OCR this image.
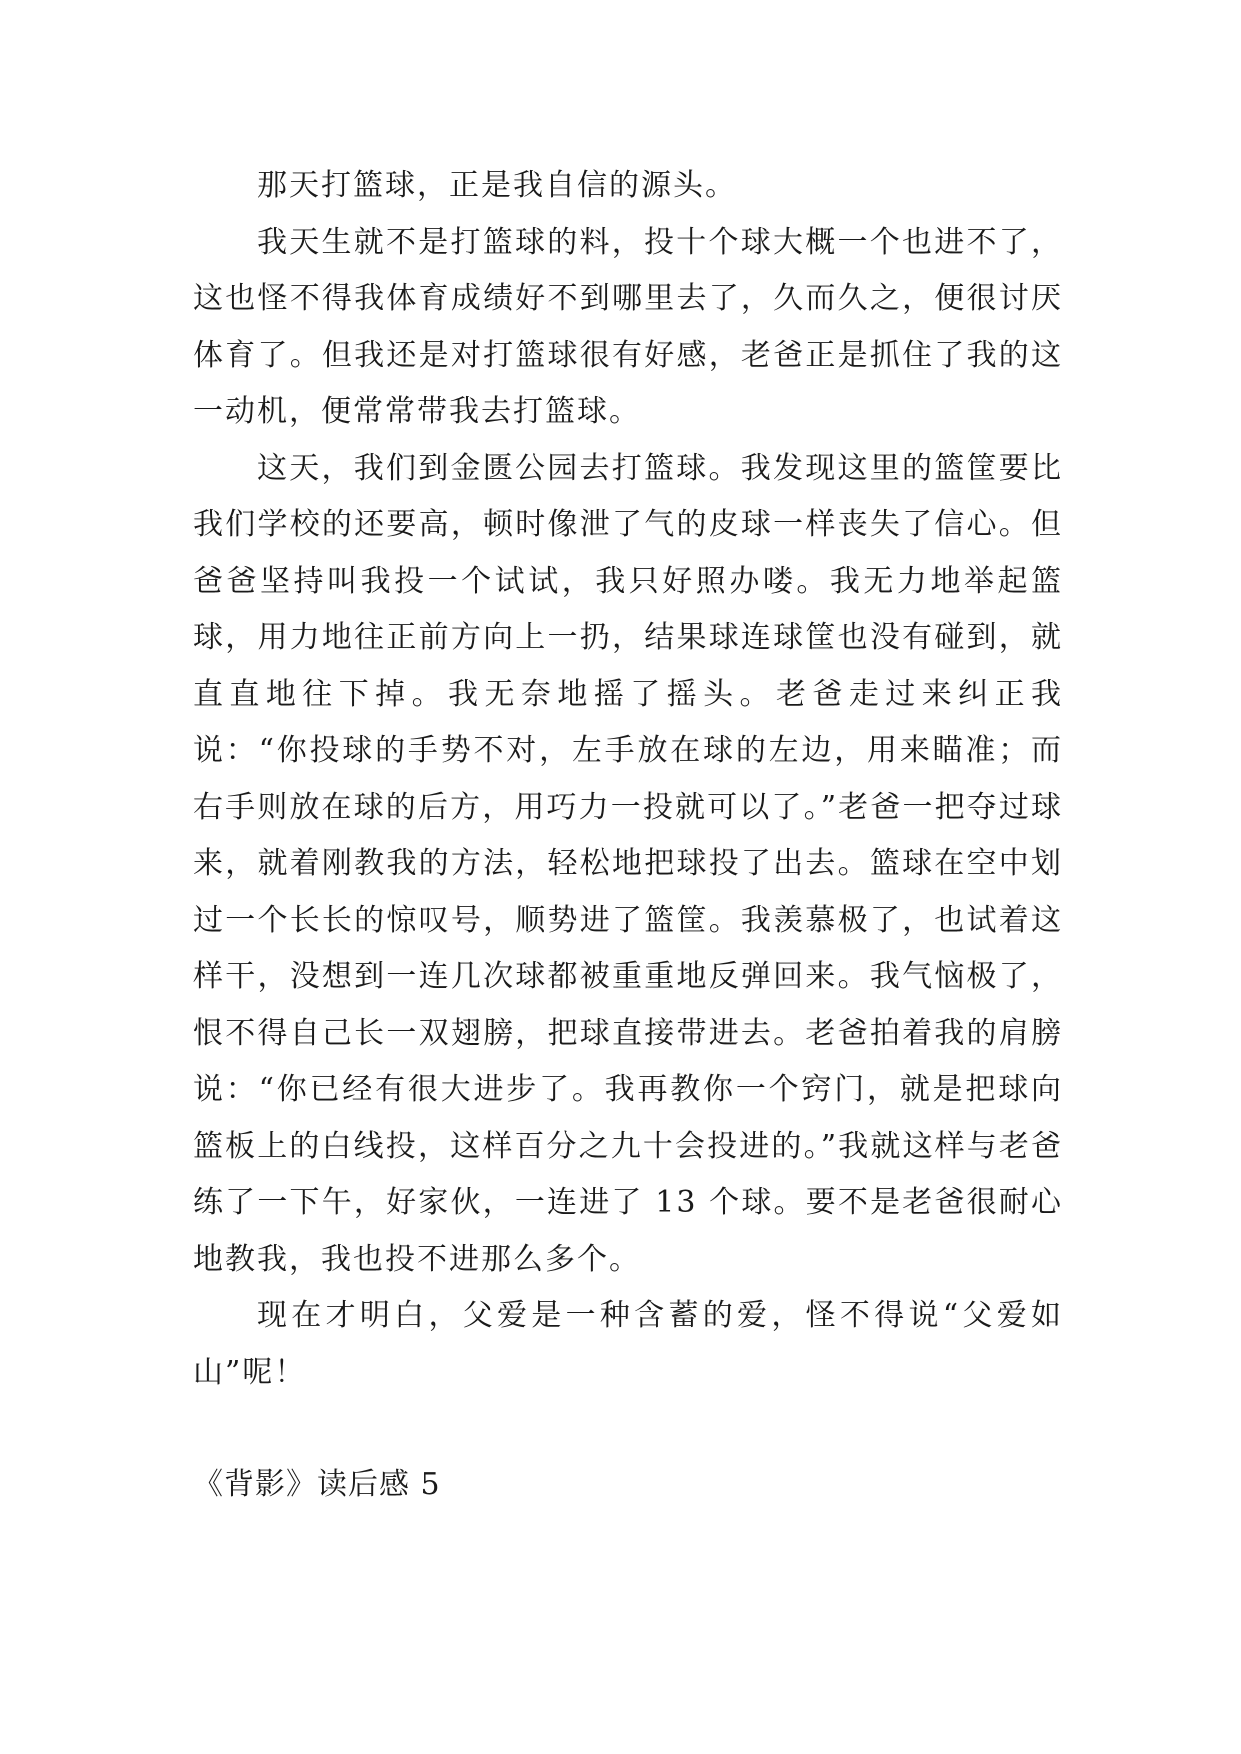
那天打篮球，正是我自信的源头。

我天生就不是打篮球的料，投十个球大概一个也进不了，这也怪不得我体育成绩好不到哪里去了，久而久之，便很讨厌体育了。但我还是对打篮球很有好感，老爸正是抓住了我的这一动机，便常常带我去打篮球。

这天，我们到金匮公园去打篮球。我发现这里的篮筐要比我们学校的还要高，顿时像泄了气的皮球一样丧失了信心。但爸爸坚持叫我投一个试试，我只好照办喽。我无力地举起篮球，用力地往正前方向上一扔，结果球连球筐也没有碰到，就直直地往下掉。我无奈地摇了摇头。老爸走过来纠正我说：“你投球的手势不对，左手放在球的左边，用来瞄准；而右手则放在球的后方，用巧力一投就可以了。”老爸一把夺过球来，就着刚教我的方法，轻松地把球投了出去。篮球在空中划过一个长长的惊叹号，顺势进了篮筐。我羡慕极了，也试着这样干，没想到一连几次球都被重重地反弹回来。我气恼极了，恨不得自己长一双翅膀，把球直接带进去。老爸拍着我的肩膀说：“你已经有很大进步了。我再教你一个窍门，就是把球向篮板上的白线投，这样百分之九十会投进的。”我就这样与老爸练了一下午，好家伙，一连进了 13 个球。要不是老爸很耐心地教我，我也投不进那么多个。

现在才明白，父爱是一种含蓄的爱，怪不得说“父爱如山”呢！

《背影》读后感 5
